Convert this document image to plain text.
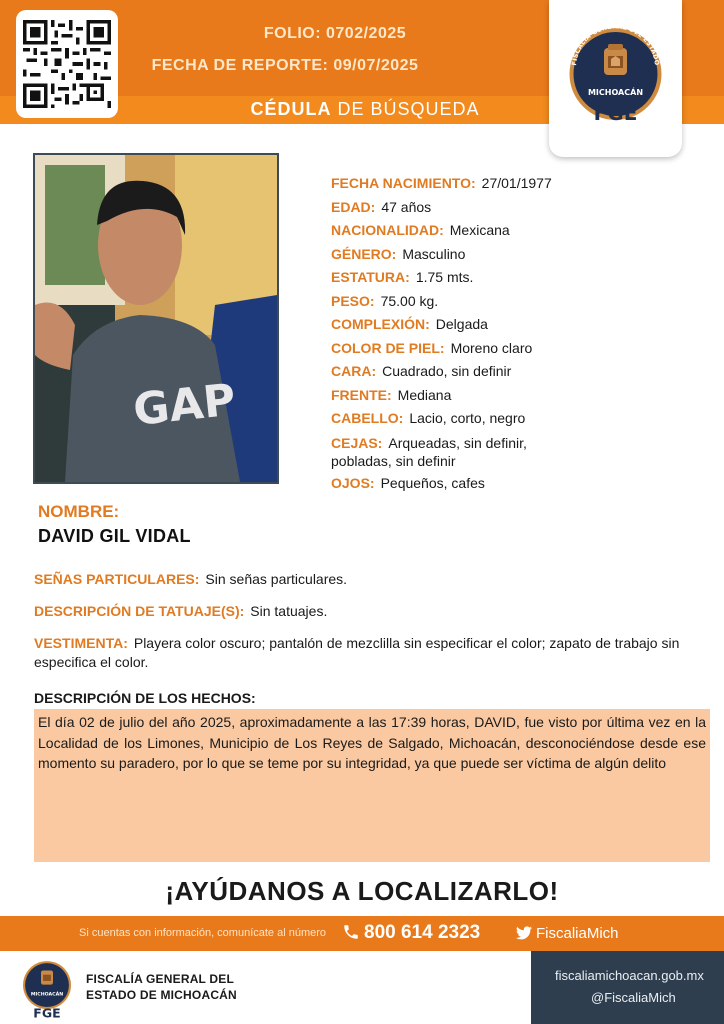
FOLIO: 0702/2025
FECHA DE REPORTE: 09/07/2025
CÉDULA DE BÚSQUEDA
FISCALÍA GENERAL DEL ESTADO
MICHOACÁN
FGE
GAP
FECHA NACIMIENTO: 27/01/1977
EDAD: 47 años
NACIONALIDAD: Mexicana
GÉNERO: Masculino
ESTATURA: 1.75 mts.
PESO: 75.00 kg.
COMPLEXIÓN: Delgada
COLOR DE PIEL: Moreno claro
CARA: Cuadrado, sin definir
FRENTE: Mediana
CABELLO: Lacio, corto, negro
CEJAS: Arqueadas, sin definir,
pobladas, sin definir
OJOS: Pequeños, cafes
NOMBRE:
DAVID GIL VIDAL
SEÑAS PARTICULARES: Sin señas particulares.
DESCRIPCIÓN DE TATUAJE(S): Sin tatuajes.
VESTIMENTA: Playera color oscuro; pantalón de mezclilla sin especificar el color; zapato de trabajo sin especifica el color.
DESCRIPCIÓN DE LOS HECHOS:
El día 02 de julio del año 2025, aproximadamente a las 17:39 horas, DAVID, fue visto por última vez en la Localidad de los Limones, Municipio de Los Reyes de Salgado, Michoacán, desconociéndose desde ese momento su paradero, por lo que se teme por su integridad, ya que puede ser víctima de algún delito
¡AYÚDANOS A LOCALIZARLO!
Si cuentas con información, comunícate al número	800 614 2323	FiscaliaMich
MICHOACÁN
FGE
FISCALÍA GENERAL DEL
ESTADO DE MICHOACÁN
fiscaliamichoacan.gob.mx
@FiscaliaMich
